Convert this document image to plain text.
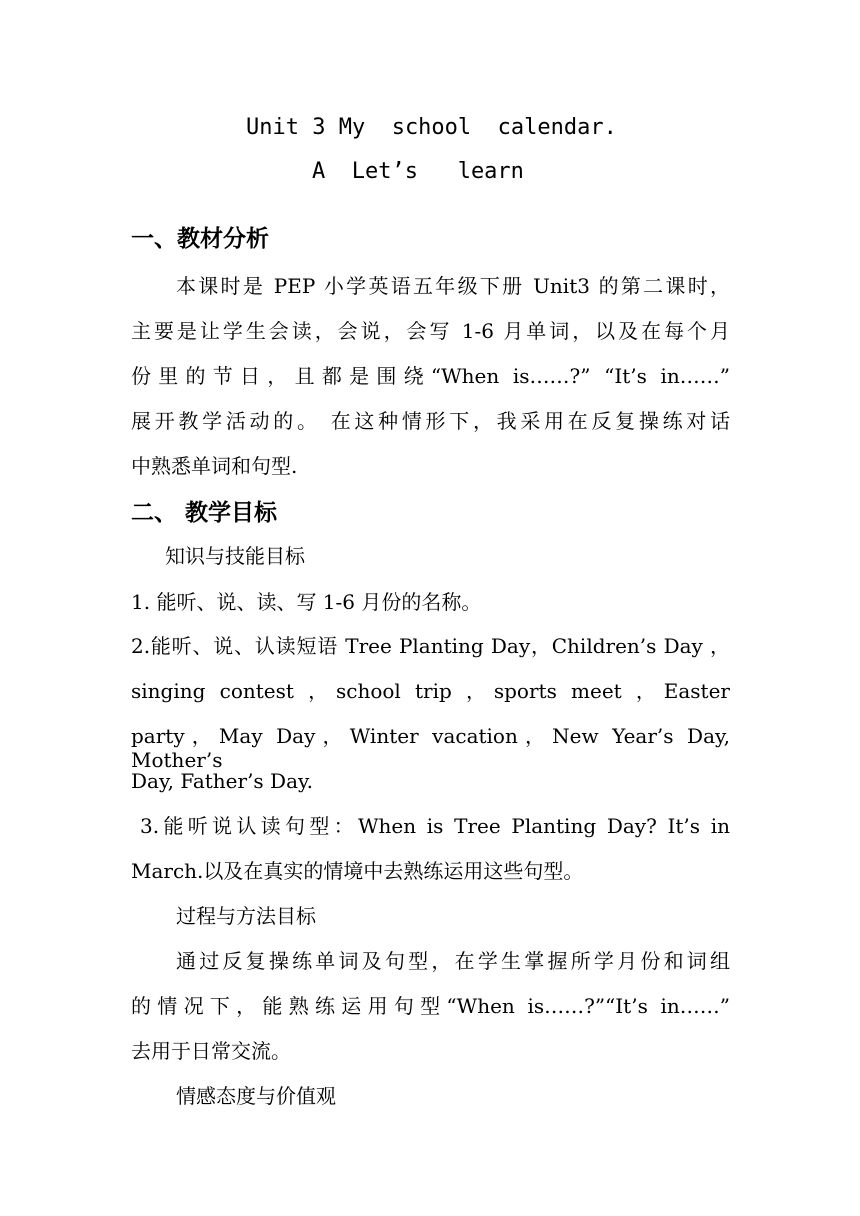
Unit 3 My  school  calendar.
A  Let’s   learn
一、教材分析
本课时是 PEP 小学英语五年级下册 Unit3 的第二课时，
主要是让学生会读，会说，会写 1-6 月单词，以及在每个月
份里的节日，且都是围绕“When is……?” “It’s in……”
展开教学活动的。 在这种情形下，我采用在反复操练对话
中熟悉单词和句型.
二、 教学目标
知识与技能目标
1. 能听、说、读、写 1-6 月份的名称。
2.能听、说、认读短语 Tree Planting Day，Children’s Day ，
singing contest ，school trip ，sports meet ，Easter
party，May Day，Winter vacation，New Year’s Day, Mother’s
Day, Father’s Day.
3.能听说认读句型：When is Tree Planting Day? It’s in
March.以及在真实的情境中去熟练运用这些句型。
过程与方法目标
通过反复操练单词及句型，在学生掌握所学月份和词组
的情况下，能熟练运用句型“When is……?”“It’s in……”
去用于日常交流。
情感态度与价值观
